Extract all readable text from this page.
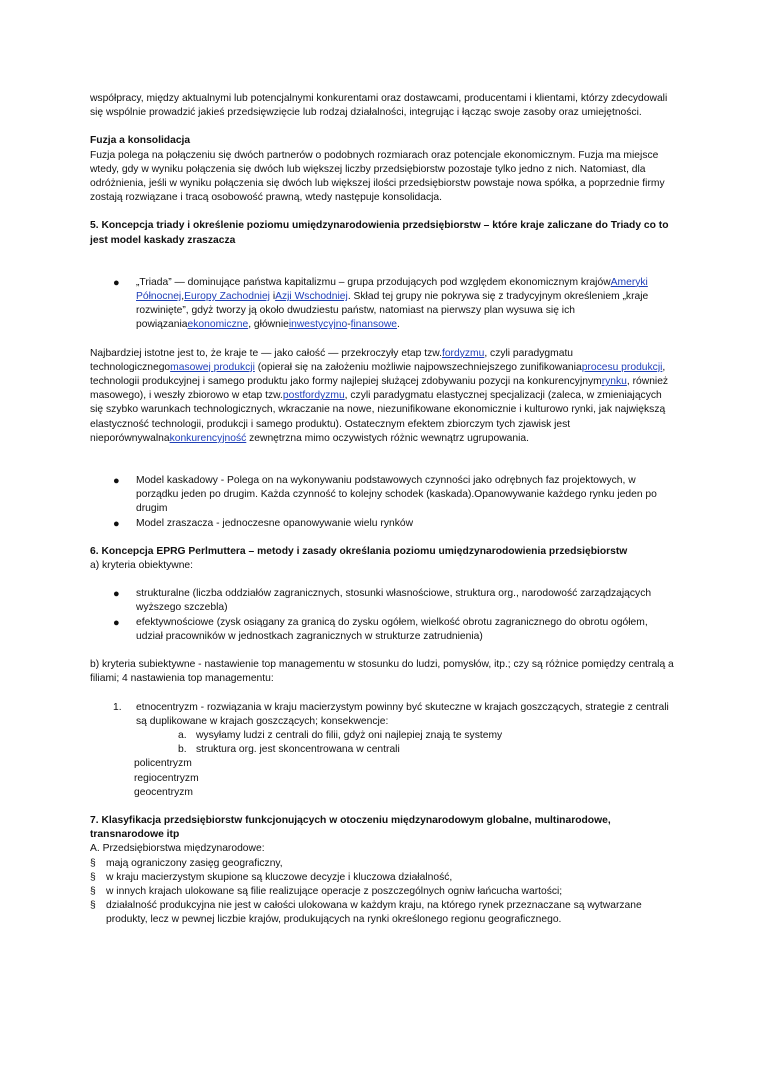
współpracy, między aktualnymi lub potencjalnymi konkurentami oraz dostawcami, producentami i klientami, którzy zdecydowali się wspólnie prowadzić jakieś przedsięwzięcie lub rodzaj działalności, integrując i łącząc swoje zasoby oraz umiejętności.

Fuzja a konsolidacja

Fuzja polega na połączeniu się dwóch partnerów o podobnych rozmiarach oraz potencjale ekonomicznym. Fuzja ma miejsce wtedy, gdy w wyniku połączenia się dwóch lub większej liczby przedsiębiorstw pozostaje tylko jedno z nich. Natomiast, dla odróżnienia, jeśli w wyniku połączenia się dwóch lub większej ilości przedsiębiorstw powstaje nowa spółka, a poprzednie firmy zostają rozwiązane i tracą osobowość prawną, wtedy następuje konsolidacja.

5. Koncepcja triady i określenie poziomu umiędzynarodowienia przedsiębiorstw – które kraje zaliczane do Triady co to jest model kaskady zraszacza

● „Triada” — dominujące państwa kapitalizmu – grupa przodujących pod względem ekonomicznym krajówAmeryki Północnej,Europy Zachodniej iAzji Wschodniej. Skład tej grupy nie pokrywa się z tradycyjnym określeniem „kraje rozwinięte”, gdyż tworzy ją około dwudziestu państw, natomiast na pierwszy plan wysuwa się ich powiązaniaekonomiczne, głównieinwestycyjno-finansowe.

Najbardziej istotne jest to, że kraje te — jako całość — przekroczyły etap tzw.fordyzmu, czyli paradygmatu technologicznegomasowej produkcji (opierał się na założeniu możliwie najpowszechniejszego zunifikowaniaprocesu produkcji, technologii produkcyjnej i samego produktu jako formy najlepiej służącej zdobywaniu pozycji na konkurencyjnymrynku, również masowego), i weszły zbiorowo w etap tzw.postfordyzmu, czyli paradygmatu elastycznej specjalizacji (zaleca, w zmieniających się szybko warunkach technologicznych, wkraczanie na nowe, niezunifikowane ekonomicznie i kulturowo rynki, jak największą elastyczność technologii, produkcji i samego produktu). Ostatecznym efektem zbiorczym tych zjawisk jest nieporównywalnakonkurencyjność zewnętrzna mimo oczywistych różnic wewnątrz ugrupowania.

● Model kaskadowy - Polega on na wykonywaniu podstawowych czynności jako odrębnych faz projektowych, w porządku jeden po drugim. Każda czynność to kolejny schodek (kaskada).Opanowywanie każdego rynku jeden po drugim
● Model zraszacza - jednoczesne opanowywanie wielu rynków

6. Koncepcja EPRG Perlmuttera – metody i zasady określania poziomu umiędzynarodowienia przedsiębiorstw

a) kryteria obiektywne:

● strukturalne (liczba oddziałów zagranicznych, stosunki własnościowe, struktura org., narodowość zarządzających wyższego szczebla)
● efektywnościowe (zysk osiągany za granicą do zysku ogółem, wielkość obrotu zagranicznego do obrotu ogółem, udział pracowników w jednostkach zagranicznych w strukturze zatrudnienia)

b) kryteria subiektywne - nastawienie top managementu w stosunku do ludzi, pomysłów, itp.; czy są różnice pomiędzy centralą a filiami; 4 nastawienia top managementu:

1. etnocentryzm - rozwiązania w kraju macierzystym powinny być skuteczne w krajach goszczących, strategie z centrali są duplikowane w krajach goszczących; konsekwencje:
a. wysyłamy ludzi z centrali do filii, gdyż oni najlepiej znają te systemy
b. struktura org. jest skoncentrowana w centrali

policentryzm

regiocentryzm

geocentryzm

7. Klasyfikacja przedsiębiorstw funkcjonujących w otoczeniu międzynarodowym globalne, multinarodowe, transnarodowe itp

A. Przedsiębiorstwa międzynarodowe:

§ mają ograniczony zasięg geograficzny,
§ w kraju macierzystym skupione są kluczowe decyzje i kluczowa działalność,
§ w innych krajach ulokowane są filie realizujące operacje z poszczególnych ogniw łańcucha wartości;
§ działalność produkcyjna nie jest w całości ulokowana w każdym kraju, na którego rynek przeznaczane są wytwarzane produkty, lecz w pewnej liczbie krajów, produkujących na rynki określonego regionu geograficznego.
